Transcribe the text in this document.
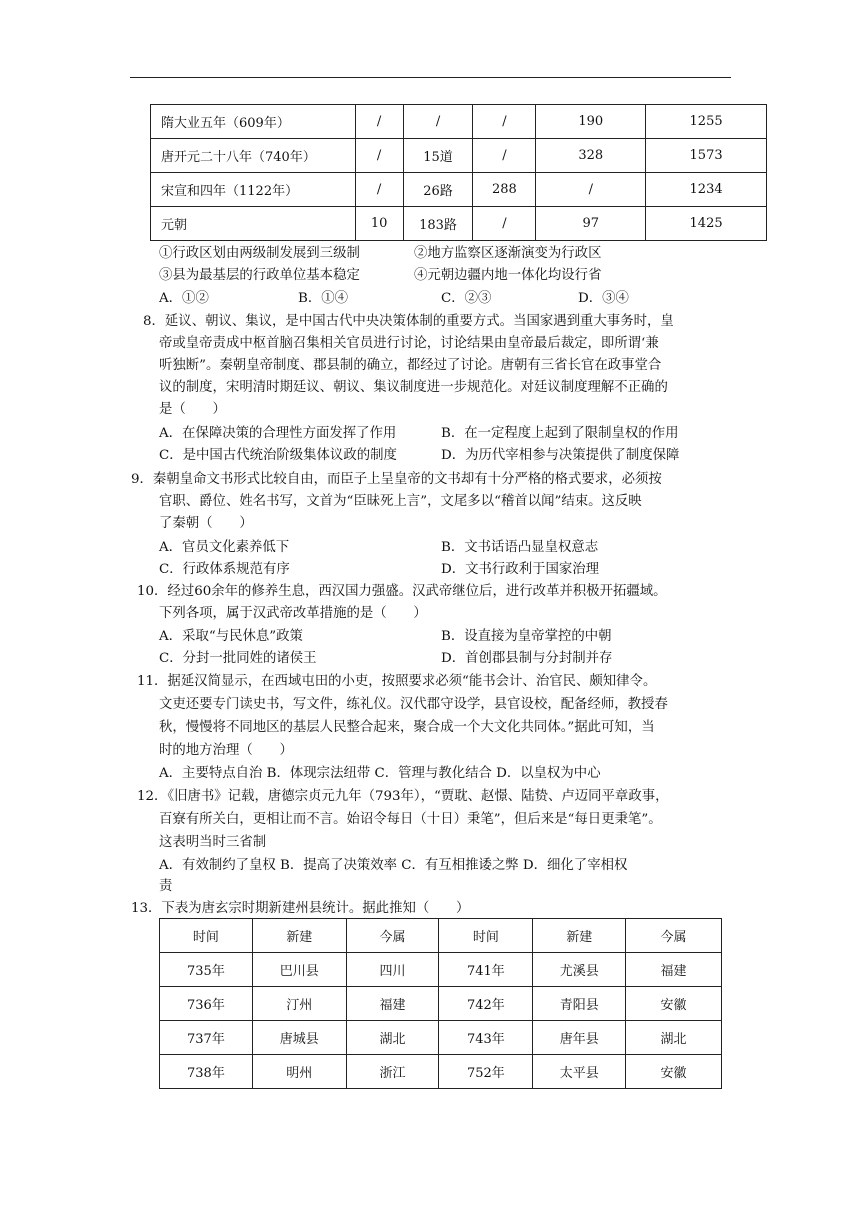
隋大业五年（609年）	/	/	/	190	1255
唐开元二十八年（740年）	/	15道	/	328	1573
宋宣和四年（1122年）	/	26路	288	/	1234
元朝	10	183路	/	97	1425
①行政区划由两级制发展到三级制	②地方监察区逐渐演变为行政区
③县为最基层的行政单位基本稳定	④元朝边疆内地一体化均设行省
A．①②	B．①④	C．②③	D．③④
8．延议、朝议、集议，是中国古代中央决策体制的重要方式。当国家遇到重大事务时，皇
帝或皇帝责成中枢首脑召集相关官员进行讨论，讨论结果由皇帝最后裁定，即所谓‘兼
听独断”。秦朝皇帝制度、郡县制的确立，都经过了讨论。唐朝有三省长官在政事堂合
议的制度，宋明清时期廷议、朝议、集议制度进一步规范化。对廷议制度理解不正确的
是（　　）
A．在保障决策的合理性方面发挥了作用	B．在一定程度上起到了限制皇权的作用
C．是中国古代统治阶级集体议政的制度	D．为历代宰相参与决策提供了制度保障
9．秦朝皇命文书形式比较自由，而臣子上呈皇帝的文书却有十分严格的格式要求，必须按
官职、爵位、姓名书写，文首为“臣昧死上言”，文尾多以“稽首以闻”结束。这反映
了秦朝（　　）
A．官员文化素养低下	B．文书话语凸显皇权意志
C．行政体系规范有序	D．文书行政利于国家治理
10．经过60余年的修养生息，西汉国力强盛。汉武帝继位后，进行改革并积极开拓疆域。
下列各项，属于汉武帝改革措施的是（　　）
A．采取“与民休息”政策	B．设直接为皇帝掌控的中朝
C．分封一批同姓的诸侯王	D．首创郡县制与分封制并存
11．据延汉简显示，在西域屯田的小吏，按照要求必须“能书会计、治官民、颇知律令。
文吏还要专门读史书，写文件，练礼仪。汉代郡守设学，县官设校，配备经师，教授春
秋，慢慢将不同地区的基层人民整合起来，聚合成一个大文化共同体。”据此可知，当
时的地方治理（　　）
A．主要特点自治 B．体现宗法纽带 C．管理与教化结合 D．以皇权为中心
12．《旧唐书》记载，唐德宗贞元九年（793年），“贾耽、赵憬、陆贽、卢迈同平章政事，
百寮有所关白，更相让而不言。始诏令每日（十日）秉笔”，但后来是“每日更秉笔”。
这表明当时三省制
A．有效制约了皇权 B．提高了决策效率 C．有互相推诿之弊 D．细化了宰相权
责
13．下表为唐玄宗时期新建州县统计。据此推知（　　）
时间	新建	今属	时间	新建	今属
735年	巴川县	四川	741年	尤溪县	福建
736年	汀州	福建	742年	青阳县	安徽
737年	唐城县	湖北	743年	唐年县	湖北
738年	明州	浙江	752年	太平县	安徽
